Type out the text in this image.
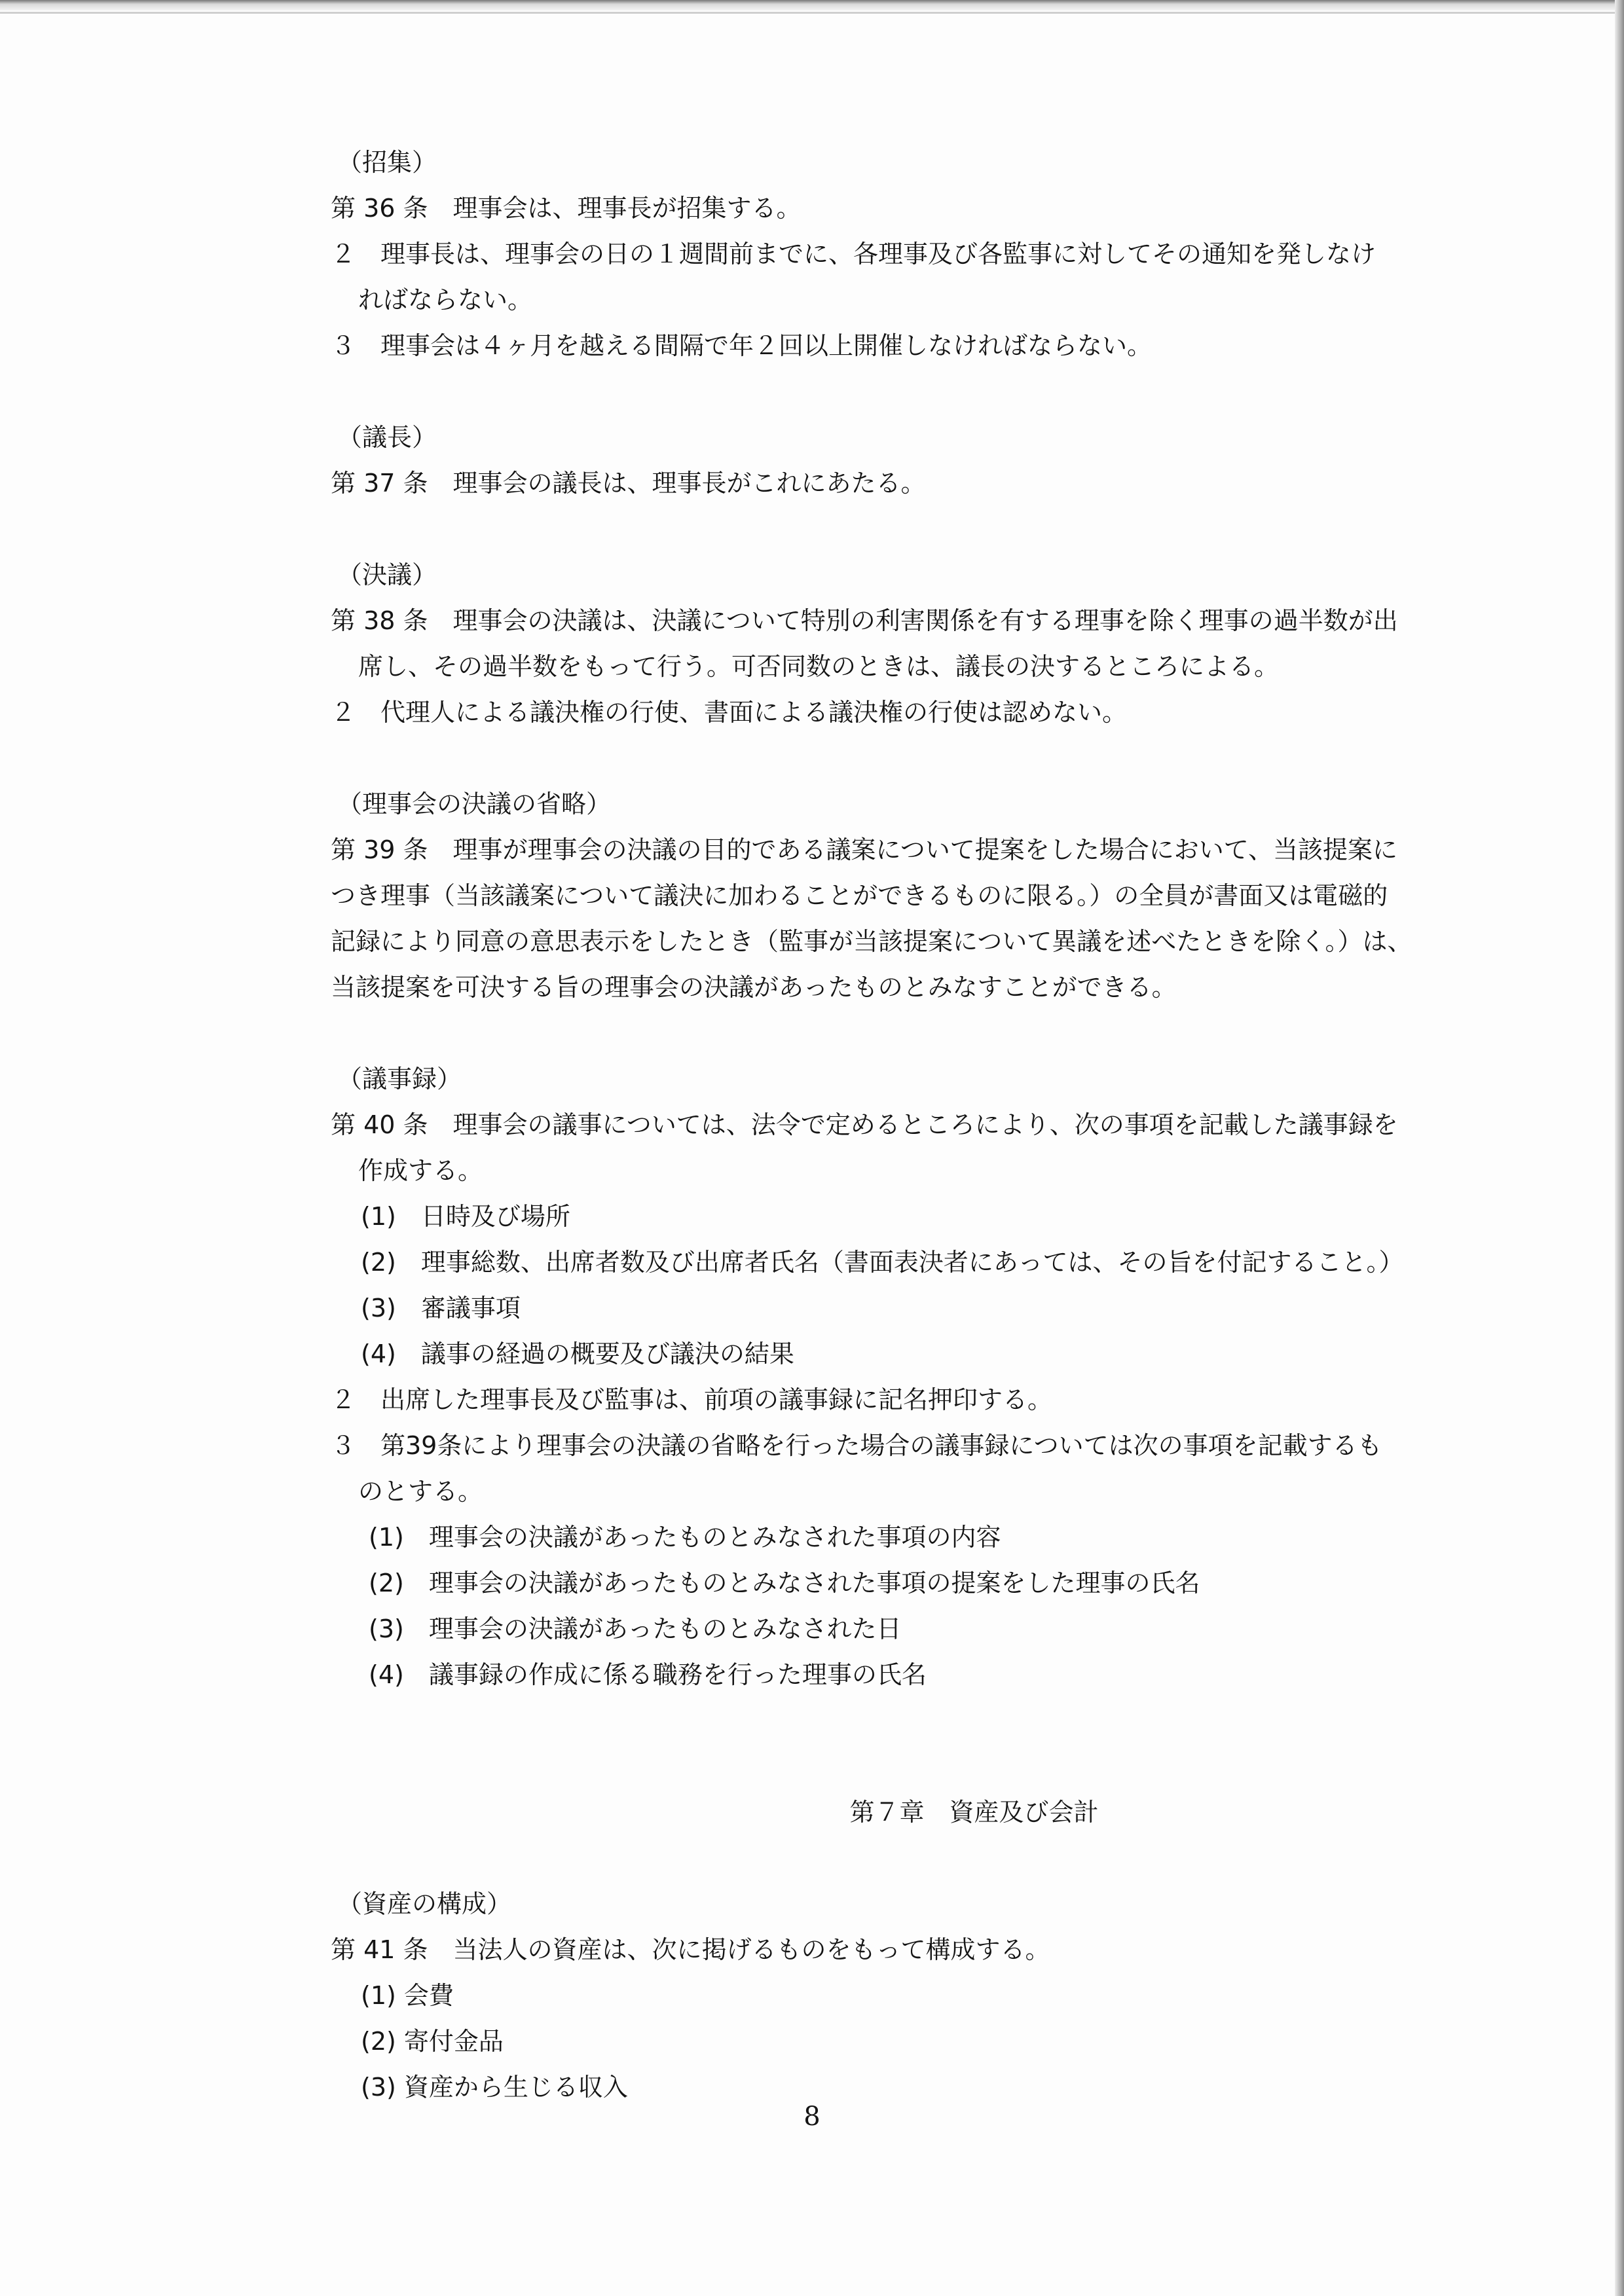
（招集）
第 36 条　理事会は、理事長が招集する。
２　理事長は、理事会の日の１週間前までに、各理事及び各監事に対してその通知を発しなけ
ればならない。
３　理事会は４ヶ月を越える間隔で年２回以上開催しなければならない。
（議長）
第 37 条　理事会の議長は、理事長がこれにあたる。
（決議）
第 38 条　理事会の決議は、決議について特別の利害関係を有する理事を除く理事の過半数が出
席し、その過半数をもって行う。可否同数のときは、議長の決するところによる。
２　代理人による議決権の行使、書面による議決権の行使は認めない。
（理事会の決議の省略）
第 39 条　理事が理事会の決議の目的である議案について提案をした場合において、当該提案に
つき理事（当該議案について議決に加わることができるものに限る。）の全員が書面又は電磁的
記録により同意の意思表示をしたとき（監事が当該提案について異議を述べたときを除く。）は、
当該提案を可決する旨の理事会の決議があったものとみなすことができる。
（議事録）
第 40 条　理事会の議事については、法令で定めるところにより、次の事項を記載した議事録を
作成する。
(1)　日時及び場所
(2)　理事総数、出席者数及び出席者氏名（書面表決者にあっては、その旨を付記すること。）
(3)　審議事項
(4)　議事の経過の概要及び議決の結果
２　出席した理事長及び監事は、前項の議事録に記名押印する。
３　第39条により理事会の決議の省略を行った場合の議事録については次の事項を記載するも
のとする。
(1)　理事会の決議があったものとみなされた事項の内容
(2)　理事会の決議があったものとみなされた事項の提案をした理事の氏名
(3)　理事会の決議があったものとみなされた日
(4)　議事録の作成に係る職務を行った理事の氏名
第７章　資産及び会計
（資産の構成）
第 41 条　当法人の資産は、次に掲げるものをもって構成する。
(1) 会費
(2) 寄付金品
(3) 資産から生じる収入
8
